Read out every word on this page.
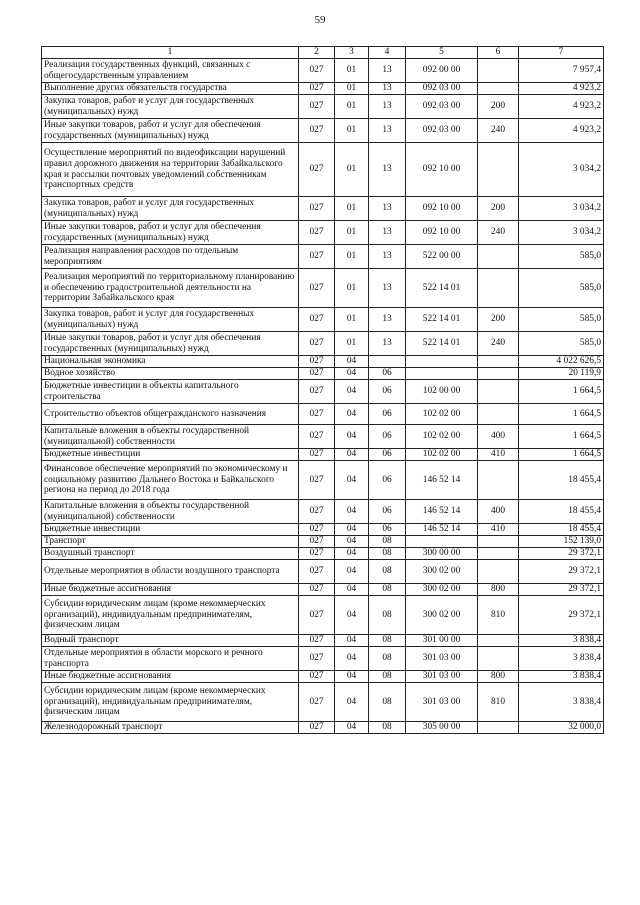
59
1	2	3	4	5	6	7
Реализация государственных функций, связанных с общегосударственным управлением	027	01	13	092 00 00		7 957,4
Выполнение других обязательств государства	027	01	13	092 03 00		4 923,2
Закупка товаров, работ и услуг для государственных (муниципальных) нужд	027	01	13	092 03 00	200	4 923,2
Иные закупки товаров, работ и услуг для обеспечения государственных (муниципальных) нужд	027	01	13	092 03 00	240	4 923,2
Осуществление мероприятий по видеофиксации нарушений правил дорожного движения на территории Забайкальского края и рассылки почтовых уведомлений собственникам транспортных средств	027	01	13	092 10 00		3 034,2
Закупка товаров, работ и услуг для государственных (муниципальных) нужд	027	01	13	092 10 00	200	3 034,2
Иные закупки товаров, работ и услуг для обеспечения государственных (муниципальных) нужд	027	01	13	092 10 00	240	3 034,2
Реализация направления расходов по отдельным мероприятиям	027	01	13	522 00 00		585,0
Реализация мероприятий по территориальному планированию и обеспечению градостроительной деятельности на территории Забайкальского края	027	01	13	522 14 01		585,0
Закупка товаров, работ и услуг для государственных (муниципальных) нужд	027	01	13	522 14 01	200	585,0
Иные закупки товаров, работ и услуг для обеспечения государственных (муниципальных) нужд	027	01	13	522 14 01	240	585,0
Национальная экономика	027	04				4 022 626,5
Водное хозяйство	027	04	06			20 119,9
Бюджетные инвестиции в объекты капитального строительства	027	04	06	102 00 00		1 664,5
Строительство объектов общегражданского назначения	027	04	06	102 02 00		1 664,5
Капитальные вложения в объекты государственной (муниципальной) собственности	027	04	06	102 02 00	400	1 664,5
Бюджетные инвестиции	027	04	06	102 02 00	410	1 664,5
Финансовое обеспечение мероприятий по экономическому и социальному развитию Дальнего Востока и Байкальского региона на период до 2018 года	027	04	06	146 52 14		18 455,4
Капитальные вложения в объекты государственной (муниципальной) собственности	027	04	06	146 52 14	400	18 455,4
Бюджетные инвестиции	027	04	06	146 52 14	410	18 455,4
Транспорт	027	04	08			152 139,0
Воздушный транспорт	027	04	08	300 00 00		29 372,1
Отдельные мероприятия в области воздушного транспорта	027	04	08	300 02 00		29 372,1
Иные бюджетные ассигнования	027	04	08	300 02 00	800	29 372,1
Субсидии юридическим лицам (кроме некоммерческих организаций), индивидуальным предпринимателям, физическим лицам	027	04	08	300 02 00	810	29 372,1
Водный транспорт	027	04	08	301 00 00		3 838,4
Отдельные мероприятия в области морского и речного транспорта	027	04	08	301 03 00		3 838,4
Иные бюджетные ассигнования	027	04	08	301 03 00	800	3 838,4
Субсидии юридическим лицам (кроме некоммерческих организаций), индивидуальным предпринимателям, физическим лицам	027	04	08	301 03 00	810	3 838,4
Железнодорожный транспорт	027	04	08	305 00 00		32 000,0
